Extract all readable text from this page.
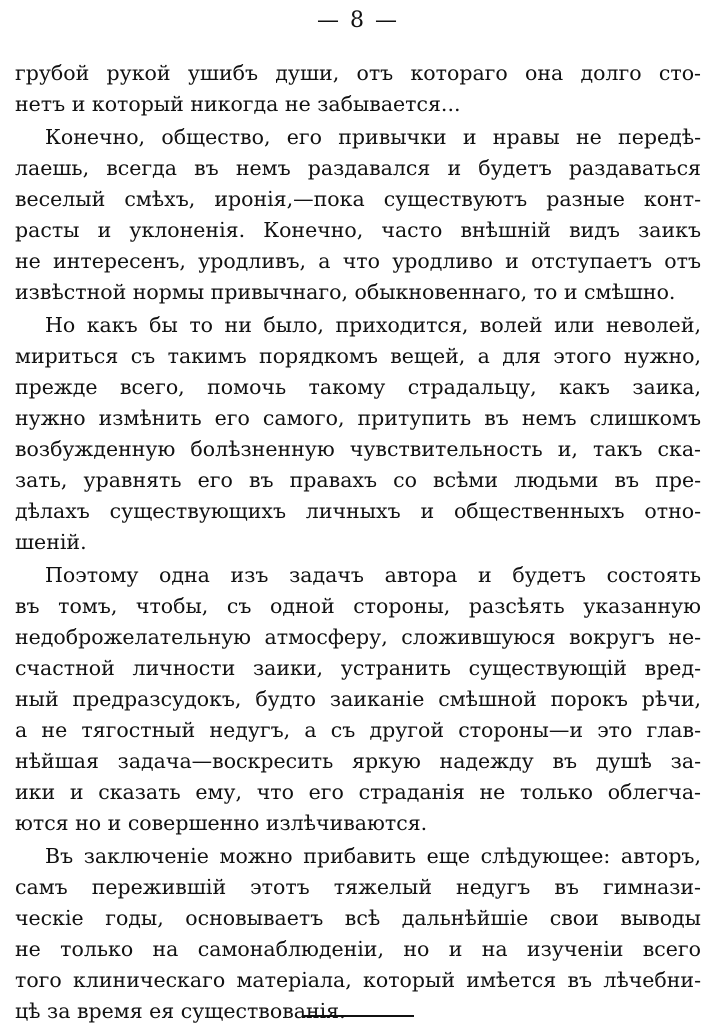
— 8 —
грубой рукой ушибъ души, отъ котораго она долго сто-
нетъ и который никогда не забывается...
Конечно, общество, его привычки и нравы не передѣ-
лаешь, всегда въ немъ раздавался и будетъ раздаваться
веселый смѣхъ, иронія,—пока существуютъ разные конт-
расты и уклоненія. Конечно, часто внѣшній видъ заикъ
не интересенъ, уродливъ, а что уродливо и отступаетъ отъ
извѣстной нормы привычнаго, обыкновеннаго, то и смѣшно.
Но какъ бы то ни было, приходится, волей или неволей,
мириться съ такимъ порядкомъ вещей, а для этого нужно,
прежде всего, помочь такому страдальцу, какъ заика,
нужно измѣнить его самого, притупить въ немъ слишкомъ
возбужденную болѣзненную чувствительность и, такъ ска-
зать, уравнять его въ правахъ со всѣми людьми въ пре-
дѣлахъ существующихъ личныхъ и общественныхъ отно-
шеній.
Поэтому одна изъ задачъ автора и будетъ состоять
въ томъ, чтобы, съ одной стороны, разсѣять указанную
недоброжелательную атмосферу, сложившуюся вокругъ не-
счастной личности заики, устранить существующій вред-
ный предразсудокъ, будто заиканіе смѣшной порокъ рѣчи,
а не тягостный недугъ, а съ другой стороны—и это глав-
нѣйшая задача—воскресить яркую надежду въ душѣ за-
ики и сказать ему, что его страданія не только облегча-
ются но и совершенно излѣчиваются.
Въ заключеніе можно прибавить еще слѣдующее: авторъ,
самъ пережившій этотъ тяжелый недугъ въ гимнази-
ческіе годы, основываетъ всѣ дальнѣйшіе свои выводы
не только на самонаблюденіи, но и на изученіи всего
того клиническаго матеріала, который имѣется въ лѣчебни-
цѣ за время ея существованія.
